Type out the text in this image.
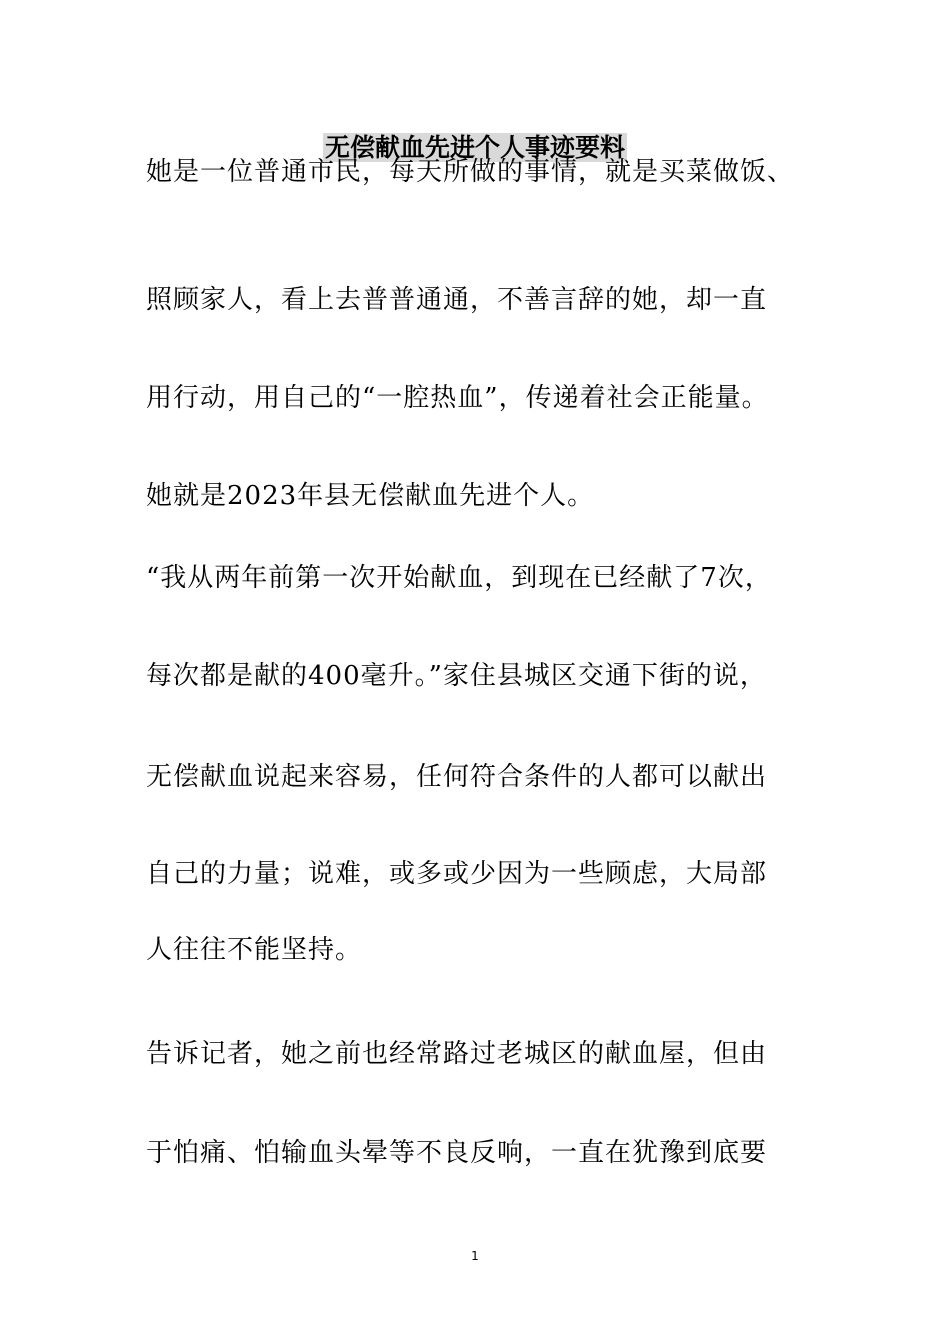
无偿献血先进个人事迹要料
她是一位普通市民，每天所做的事情，就是买菜做饭、
照顾家人，看上去普普通通，不善言辞的她，却一直
用行动，用自己的“一腔热血”，传递着社会正能量。
她就是2023年县无偿献血先进个人。
“我从两年前第一次开始献血，到现在已经献了7次，
每次都是献的400毫升。”家住县城区交通下街的说，
无偿献血说起来容易，任何符合条件的人都可以献出
自己的力量；说难，或多或少因为一些顾虑，大局部
人往往不能坚持。
告诉记者，她之前也经常路过老城区的献血屋，但由
于怕痛、怕输血头晕等不良反响，一直在犹豫到底要
1
